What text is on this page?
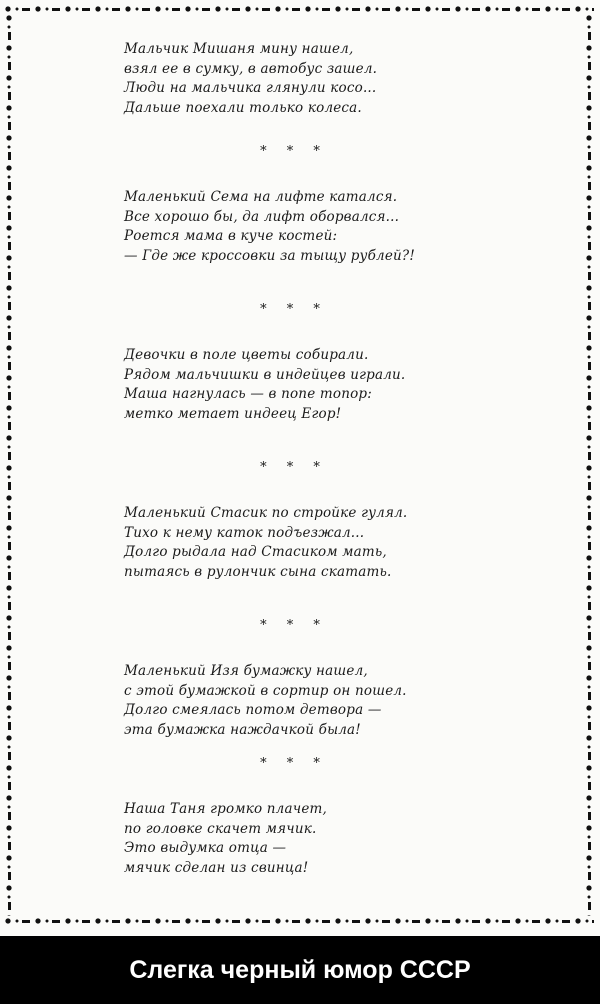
Мальчик Мишаня мину нашел,
взял ее в сумку, в автобус зашел.
Люди на мальчика глянули косо...
Дальше поехали только колеса.
* * *
Маленький Сема на лифте катался.
Все хорошо бы, да лифт оборвался...
Роется мама в куче костей:
— Где же кроссовки за тыщу рублей?!
* * *
Девочки в поле цветы собирали.
Рядом мальчишки в индейцев играли.
Маша нагнулась — в попе топор:
метко метает индеец Егор!
* * *
Маленький Стасик по стройке гулял.
Тихо к нему каток подъезжал...
Долго рыдала над Стасиком мать,
пытаясь в рулончик сына скатать.
* * *
Маленький Изя бумажку нашел,
с этой бумажкой в сортир он пошел.
Долго смеялась потом детвора —
эта бумажка наждачкой была!
* * *
Наша Таня громко плачет,
по головке скачет мячик.
Это выдумка отца —
мячик сделан из свинца!
Слегка черный юмор СССР
